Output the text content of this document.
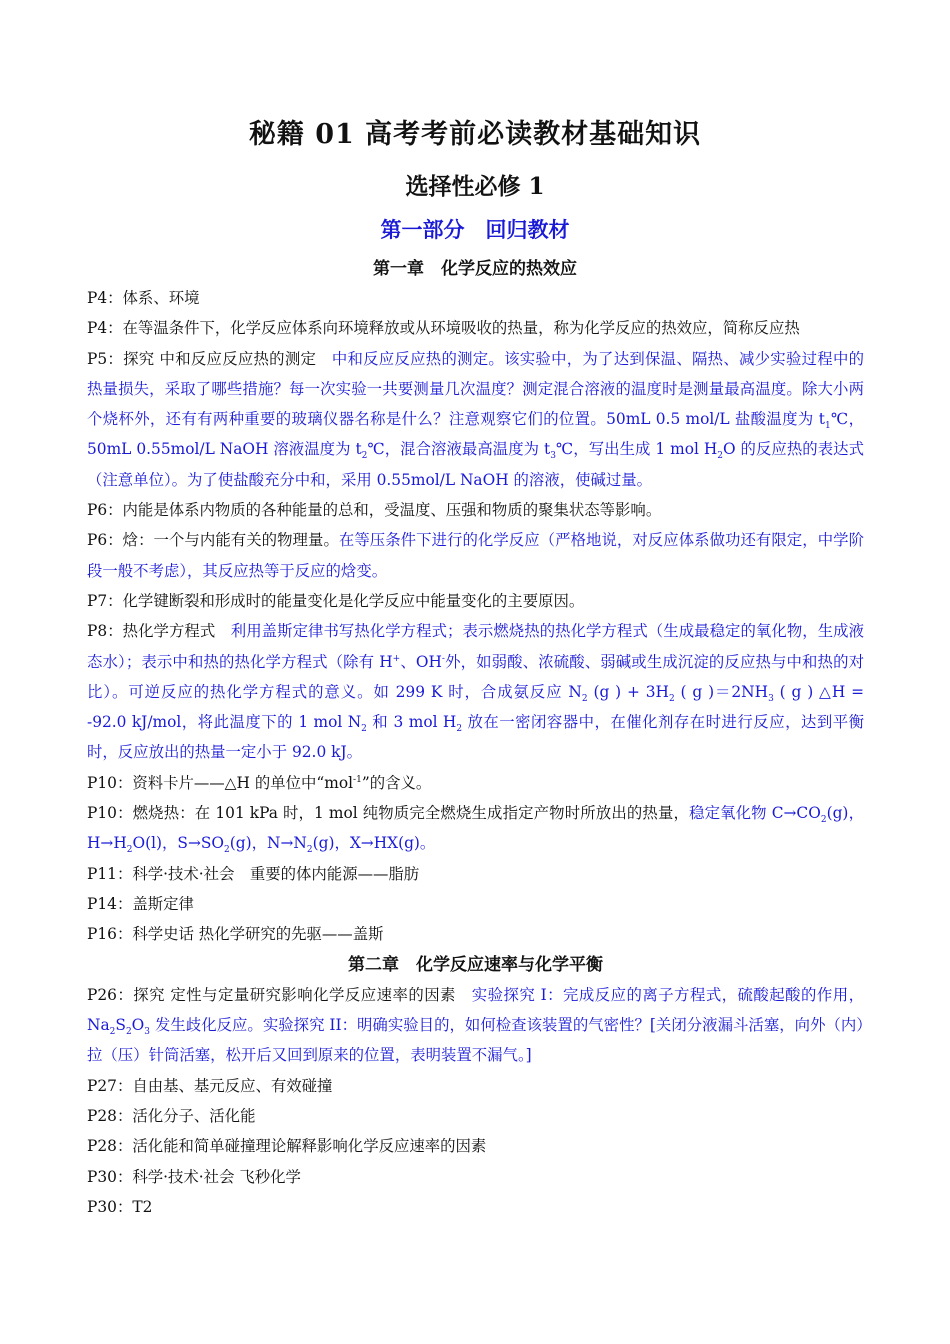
秘籍 01 高考考前必读教材基础知识
选择性必修 1
第一部分　回归教材
第一章　化学反应的热效应

P4：体系、环境

P4：在等温条件下，化学反应体系向环境释放或从环境吸收的热量，称为化学反应的热效应，简称反应热

P5：探究 中和反应反应热的测定　中和反应反应热的测定。该实验中，为了达到保温、隔热、减少实验过程中的热量损失，采取了哪些措施？每一次实验一共要测量几次温度？测定混合溶液的温度时是测量最高温度。除大小两个烧杯外，还有有两种重要的玻璃仪器名称是什么？注意观察它们的位置。50mL 0.5 mol/L 盐酸温度为 $t_1℃$，50mL 0.55mol/L NaOH 溶液温度为 $t_2℃$，混合溶液最高温度为 $t_3℃$，写出生成 1 mol $H_2O$ 的反应热的表达式（注意单位）。为了使盐酸充分中和，采用 0.55mol/L NaOH 的溶液，使碱过量。

P6：内能是体系内物质的各种能量的总和，受温度、压强和物质的聚集状态等影响。

P6：焓：一个与内能有关的物理量。在等压条件下进行的化学反应（严格地说，对反应体系做功还有限定，中学阶段一般不考虑），其反应热等于反应的焓变。

P7：化学键断裂和形成时的能量变化是化学反应中能量变化的主要原因。

P8：热化学方程式　利用盖斯定律书写热化学方程式；表示燃烧热的热化学方程式（生成最稳定的氧化物，生成液态水）；表示中和热的热化学方程式（除有 H+、OH-外，如弱酸、浓硫酸、弱碱或生成沉淀的反应热与中和热的对比）。可逆反应的热化学方程式的意义。如 299 K 时，合成氨反应 $N_2$ (g ) + $3H_2$ ( g )$=2NH_3$ ( g ) △H = -92.0 kJ/mol，将此温度下的 1 mol $N_2$ 和 3 mol $H_2$ 放在一密闭容器中，在催化剂存在时进行反应，达到平衡时，反应放出的热量一定小于 92.0 kJ。

P10：资料卡片——△H 的单位中“mol$^{-1}$”的含义。

P10：燃烧热：在 101 kPa 时，1 mol 纯物质完全燃烧生成指定产物时所放出的热量，稳定氧化物 $C\to CO_2(g)$，$H\to H_2O(l)$，$S\to SO_2(g)$，$N\to N_2(g)$，X→HX(g)。

P11：科学·技术·社会　重要的体内能源——脂肪

P14：盖斯定律

P16：科学史话 热化学研究的先驱——盖斯

第二章　化学反应速率与化学平衡

P26：探究 定性与定量研究影响化学反应速率的因素　实验探究 I：完成反应的离子方程式，硫酸起酸的作用，$Na_2S_2O_3$ 发生歧化反应。实验探究 II：明确实验目的，如何检查该装置的气密性？[关闭分液漏斗活塞，向外（内）拉（压）针筒活塞，松开后又回到原来的位置，表明装置不漏气。]

P27：自由基、基元反应、有效碰撞

P28：活化分子、活化能

P28：活化能和简单碰撞理论解释影响化学反应速率的因素

P30：科学·技术·社会 飞秒化学

P30：T2
